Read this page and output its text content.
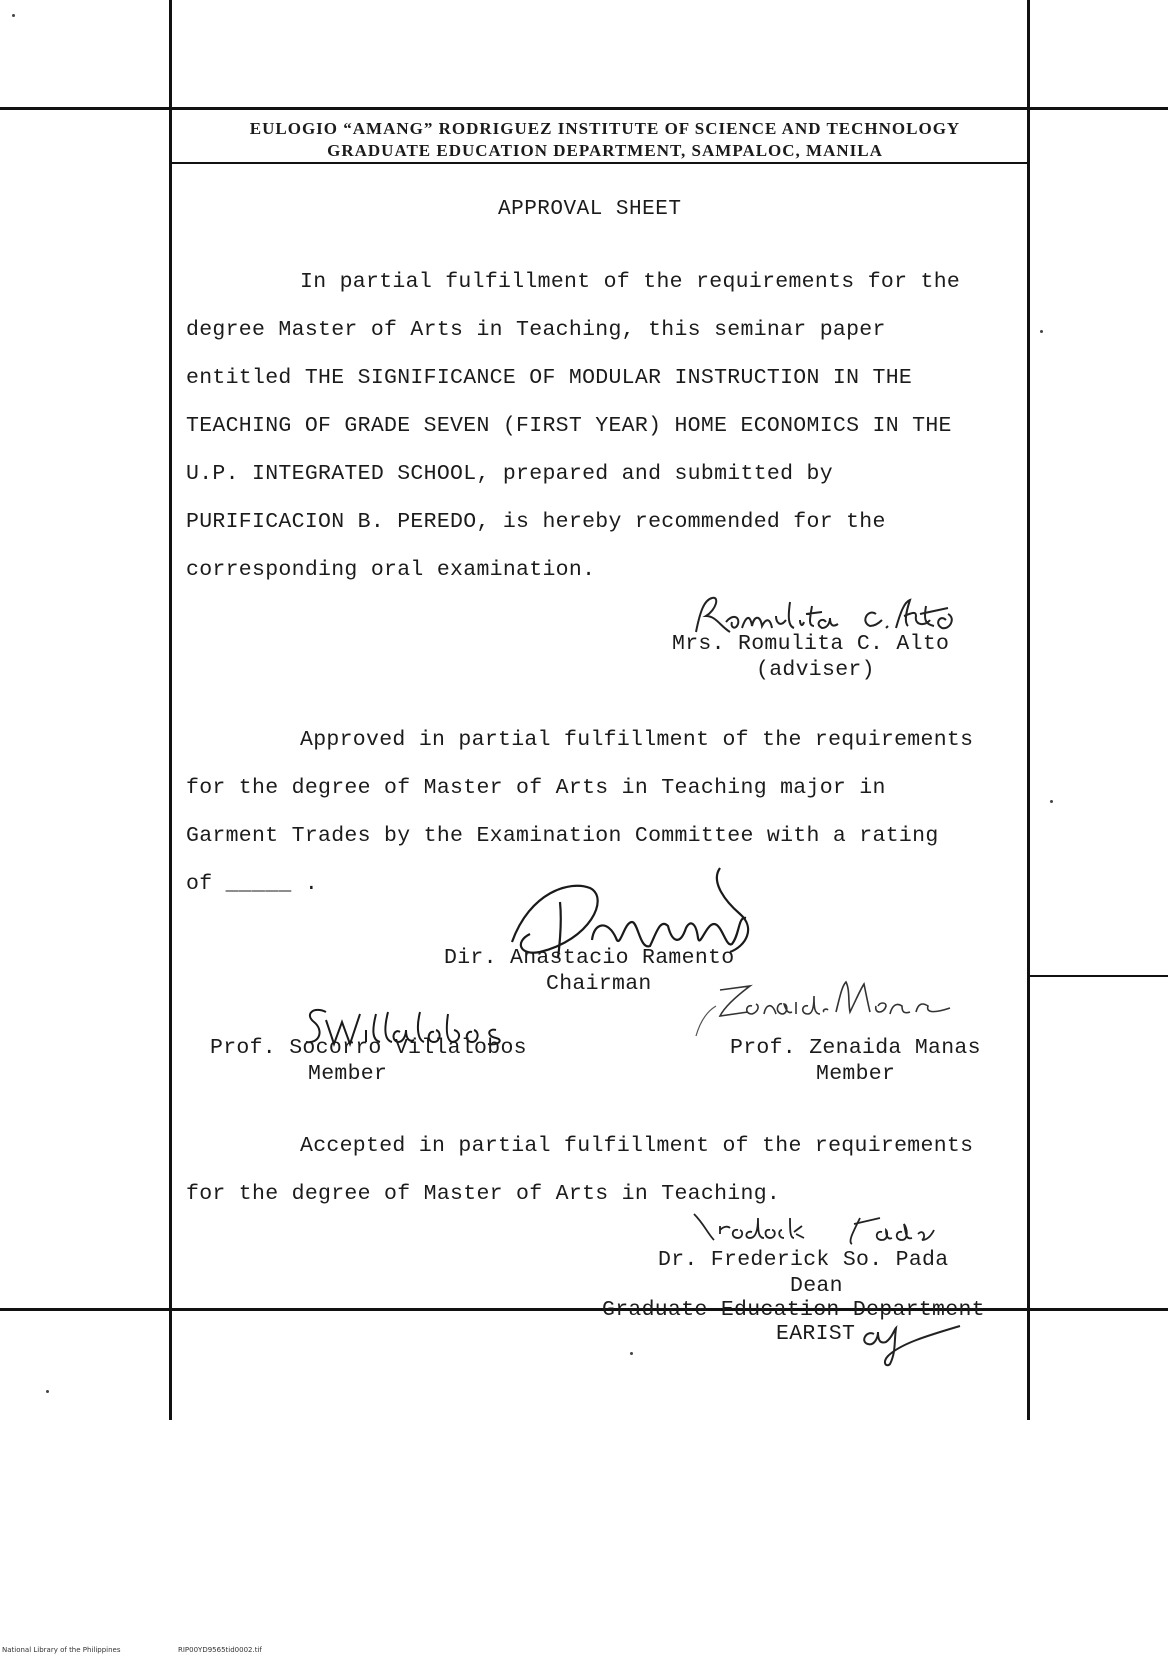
EULOGIO “AMANG” RODRIGUEZ INSTITUTE OF SCIENCE AND TECHNOLOGY
GRADUATE EDUCATION DEPARTMENT, SAMPALOC, MANILA
APPROVAL SHEET
In partial fulfillment of the requirements for the
degree Master of Arts in Teaching, this seminar paper
entitled THE SIGNIFICANCE OF MODULAR INSTRUCTION IN THE
TEACHING OF GRADE SEVEN (FIRST YEAR) HOME ECONOMICS IN THE
U.P. INTEGRATED SCHOOL, prepared and submitted by
PURIFICACION B. PEREDO, is hereby recommended for the
corresponding oral examination.
Mrs. Romulita C. Alto
(adviser)
Approved in partial fulfillment of the requirements
for the degree of Master of Arts in Teaching major in
Garment Trades by the Examination Committee with a rating
of _____ .
Dir. Anastacio Ramento
Chairman
Prof. Socorro Villalobos
Member
Prof. Zenaida Manas
Member
Accepted in partial fulfillment of the requirements
for the degree of Master of Arts in Teaching.
Dr. Frederick So. Pada
Dean
Graduate Education Department
EARIST
National Library of the Philippines	RIP00YD9565tid0002.tif
